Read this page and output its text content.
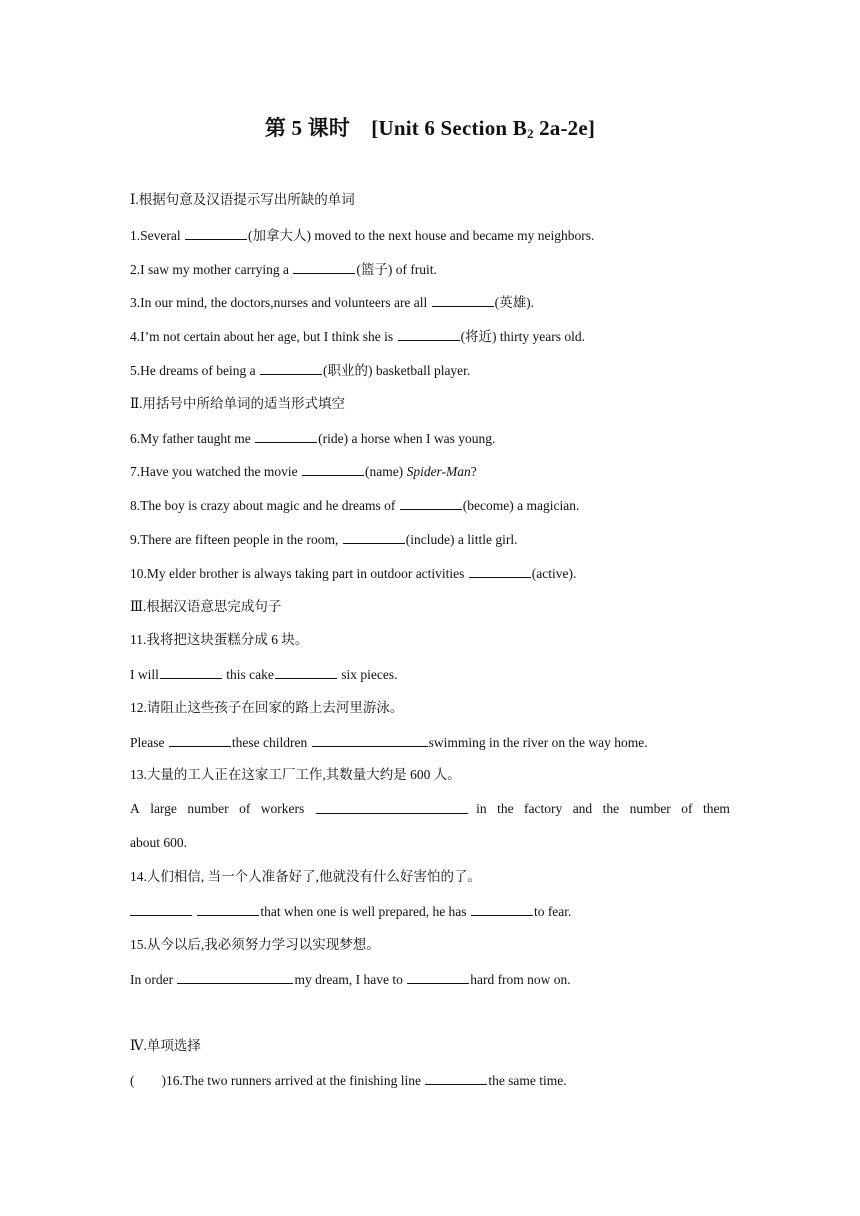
第 5 课时　[Unit 6 Section $B_2$ 2a-2e]
Ⅰ.根据句意及汉语提示写出所缺的单词
1.Several	(加拿大人) moved to the next house and became my neighbors.
2.I saw my mother carrying a	(篮子) of fruit.
3.In our mind, the doctors,nurses and volunteers are all	(英雄).
4.I’m not certain about her age, but I think she is	(将近) thirty years old.
5.He dreams of being a	(职业的) basketball player.
Ⅱ.用括号中所给单词的适当形式填空
6.My father taught me	(ride) a horse when I was young.
7.Have you watched the movie	(name) Spider-Man?
8.The boy is crazy about magic and he dreams of	(become) a magician.
9.There are fifteen people in the room,	(include) a little girl.
10.My elder brother is always taking part in outdoor activities	(active).
Ⅲ.根据汉语意思完成句子
11.我将把这块蛋糕分成 6 块。
I will	this cake	six pieces.
12.请阻止这些孩子在回家的路上去河里游泳。
Please	these children	swimming in the river on the way home.
13.大量的工人正在这家工厂工作,其数量大约是 600 人。
A large number of workers	in the factory and the number of them
about 600.
14.人们相信, 当一个人准备好了,他就没有什么好害怕的了。
that when one is well prepared, he has	to fear.
15.从今以后,我必须努力学习以实现梦想。
In order	my dream, I have to	hard from now on.
Ⅳ.单项选择
(　　)16.The two runners arrived at the finishing line	the same time.
